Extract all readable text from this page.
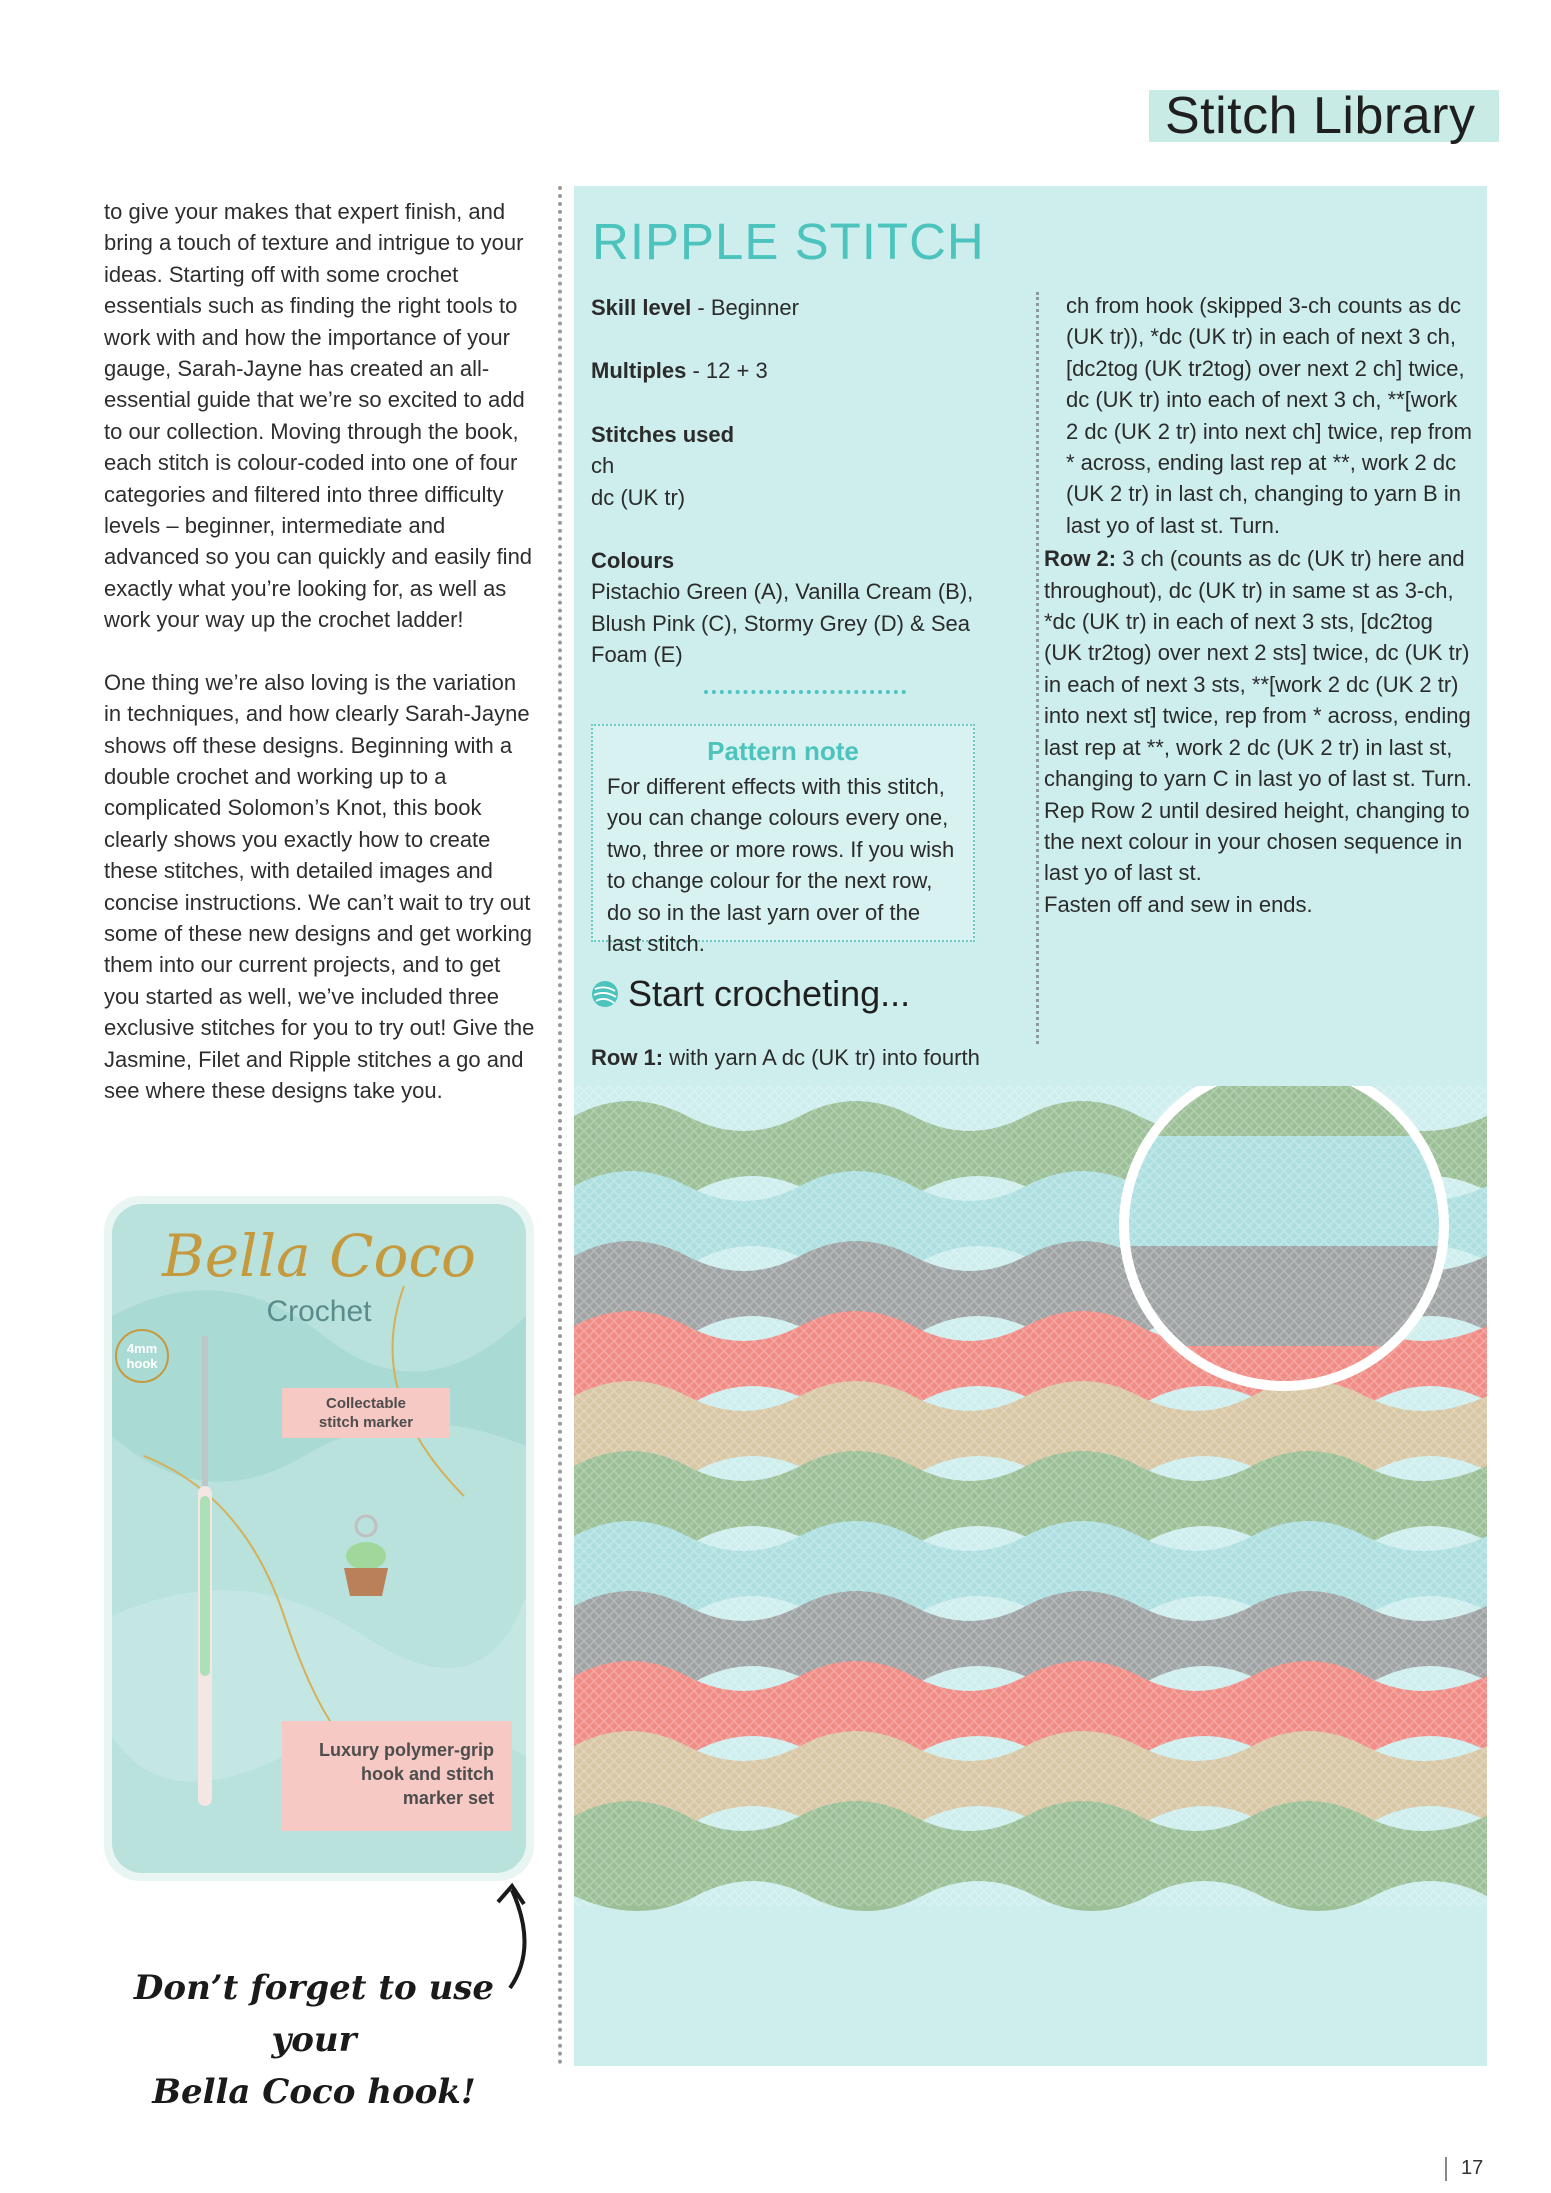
Stitch Library

to give your makes that expert finish, and bring a touch of texture and intrigue to your ideas. Starting off with some crochet essentials such as finding the right tools to work with and how the importance of your gauge, Sarah-Jayne has created an all-essential guide that we’re so excited to add to our collection. Moving through the book, each stitch is colour-coded into one of four categories and filtered into three difficulty levels – beginner, intermediate and advanced so you can quickly and easily find exactly what you’re looking for, as well as work your way up the crochet ladder!

One thing we’re also loving is the variation in techniques, and how clearly Sarah-Jayne shows off these designs. Beginning with a double crochet and working up to a complicated Solomon’s Knot, this book clearly shows you exactly how to create these stitches, with detailed images and concise instructions. We can’t wait to try out some of these new designs and get working them into our current projects, and to get you started as well, we’ve included three exclusive stitches for you to try out! Give the Jasmine, Filet and Ripple stitches a go and see where these designs take you.

RIPPLE STITCH
Skill level - Beginner
Multiples - 12 + 3
Stitches used
ch
dc (UK tr)
Colours
Pistachio Green (A), Vanilla Cream (B), Blush Pink (C), Stormy Grey (D) & Sea Foam (E)
Pattern note
For different effects with this stitch, you can change colours every one, two, three or more rows. If you wish to change colour for the next row, do so in the last yarn over of the last stitch.
Start crocheting...
Row 1: with yarn A dc (UK tr) into fourth
ch from hook (skipped 3-ch counts as dc (UK tr)), *dc (UK tr) in each of next 3 ch, [dc2tog (UK tr2tog) over next 2 ch] twice, dc (UK tr) into each of next 3 ch, **[work 2 dc (UK 2 tr) into next ch] twice, rep from * across, ending last rep at **, work 2 dc (UK 2 tr) in last ch, changing to yarn B in last yo of last st. Turn.
Row 2: 3 ch (counts as dc (UK tr) here and throughout), dc (UK tr) in same st as 3-ch, *dc (UK tr) in each of next 3 sts, [dc2tog (UK tr2tog) over next 2 sts] twice, dc (UK tr) in each of next 3 sts, **[work 2 dc (UK 2 tr) into next st] twice, rep from * across, ending last rep at **, work 2 dc (UK 2 tr) in last st, changing to yarn C in last yo of last st. Turn.
Rep Row 2 until desired height, changing to the next colour in your chosen sequence in last yo of last st.
Fasten off and sew in ends.
Bella Coco
Crochet
4mm
hook
Collectable
stitch marker
Luxury polymer-grip
hook and stitch
marker set
Don’t forget to use your
Bella Coco hook!
17
